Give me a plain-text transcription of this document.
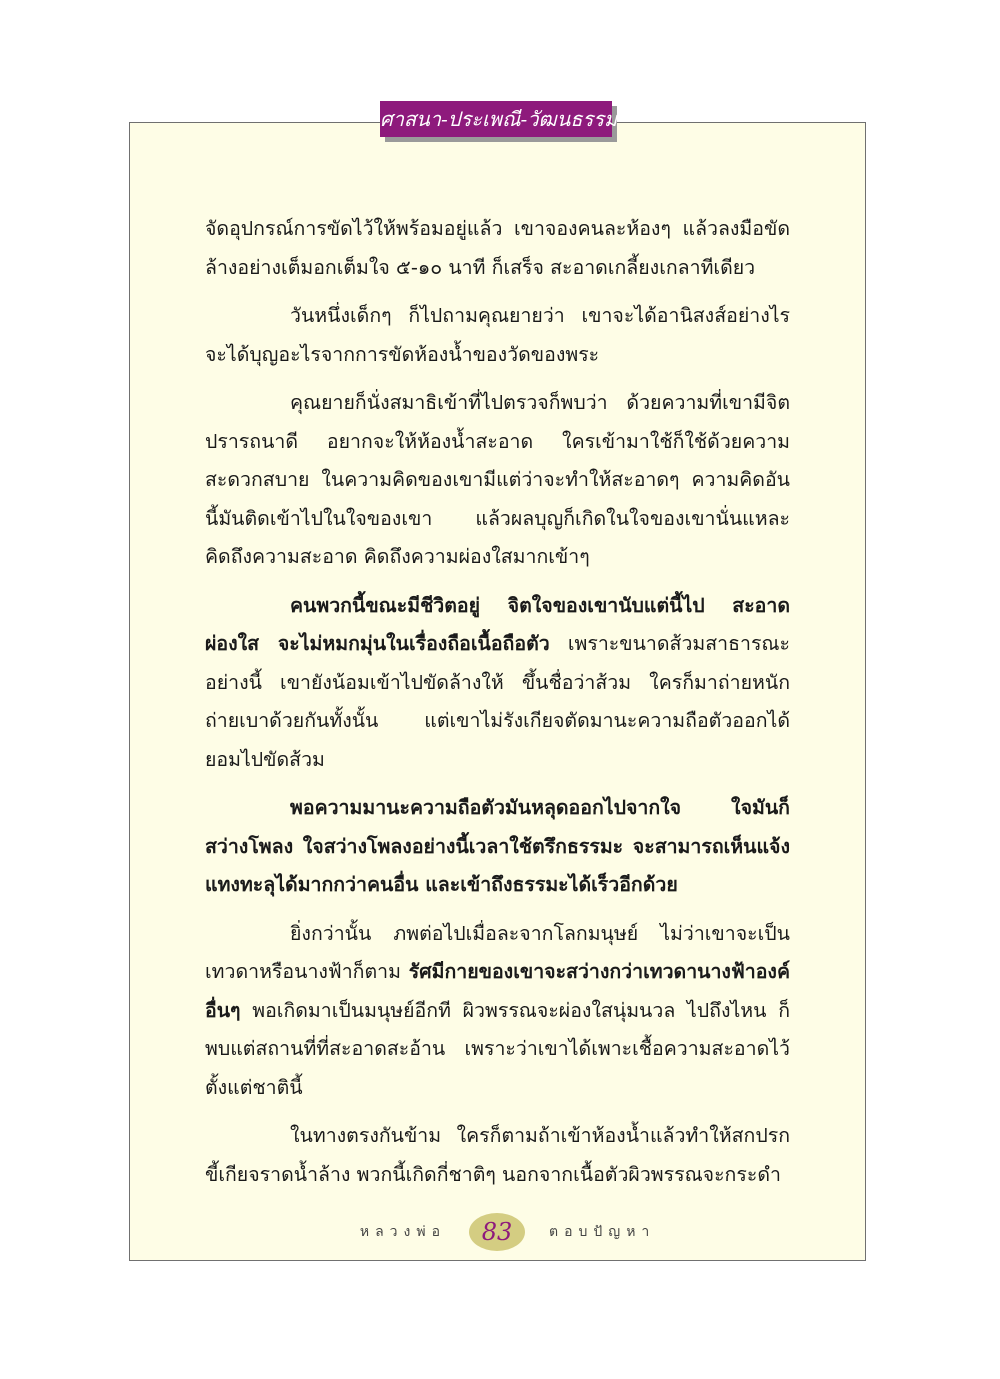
ศาสนา-ประเพณี-วัฒนธรรม

จัดอุปกรณ์การขัดไว้ให้พร้อมอยู่แล้ว เขาจองคนละห้องๆ แล้วลงมือขัดล้างอย่างเต็มอกเต็มใจ ๕-๑๐ นาที ก็เสร็จ สะอาดเกลี้ยงเกลาทีเดียว

วันหนึ่งเด็กๆ ก็ไปถามคุณยายว่า เขาจะได้อานิสงส์อย่างไร จะได้บุญอะไรจากการขัดห้องน้ำของวัดของพระ

คุณยายก็นั่งสมาธิเข้าที่ไปตรวจก็พบว่า ด้วยความที่เขามีจิตปรารถนาดี อยากจะให้ห้องน้ำสะอาด ใครเข้ามาใช้ก็ใช้ด้วยความสะดวกสบาย ในความคิดของเขามีแต่ว่าจะทำให้สะอาดๆ ความคิดอันนี้มันติดเข้าไปในใจของเขา แล้วผลบุญก็เกิดในใจของเขานั่นแหละ คิดถึงความสะอาด คิดถึงความผ่องใสมากเข้าๆ

คนพวกนี้ขณะมีชีวิตอยู่ จิตใจของเขานับแต่นี้ไป สะอาด ผ่องใส จะไม่หมกมุ่นในเรื่องถือเนื้อถือตัว เพราะขนาดส้วมสาธารณะอย่างนี้ เขายังน้อมเข้าไปขัดล้างให้ ขึ้นชื่อว่าส้วม ใครก็มาถ่ายหนัก ถ่ายเบาด้วยกันทั้งนั้น แต่เขาไม่รังเกียจตัดมานะความถือตัวออกได้ ยอมไปขัดส้วม

พอความมานะความถือตัวมันหลุดออกไปจากใจ ใจมันก็สว่างโพลง ใจสว่างโพลงอย่างนี้เวลาใช้ตรึกธรรมะ จะสามารถเห็นแจ้งแทงทะลุได้มากกว่าคนอื่น และเข้าถึงธรรมะได้เร็วอีกด้วย

ยิ่งกว่านั้น ภพต่อไปเมื่อละจากโลกมนุษย์ ไม่ว่าเขาจะเป็นเทวดาหรือนางฟ้าก็ตาม รัศมีกายของเขาจะสว่างกว่าเทวดานางฟ้าองค์อื่นๆ พอเกิดมาเป็นมนุษย์อีกที ผิวพรรณจะผ่องใสนุ่มนวล ไปถึงไหน ก็พบแต่สถานที่ที่สะอาดสะอ้าน เพราะว่าเขาได้เพาะเชื้อความสะอาดไว้ตั้งแต่ชาตินี้

ในทางตรงกันข้าม ใครก็ตามถ้าเข้าห้องน้ำแล้วทำให้สกปรกขี้เกียจราดน้ำล้าง พวกนี้เกิดกี่ชาติๆ นอกจากเนื้อตัวผิวพรรณจะกระดำ

หลวงพ่อ	83	ตอบปัญหา
